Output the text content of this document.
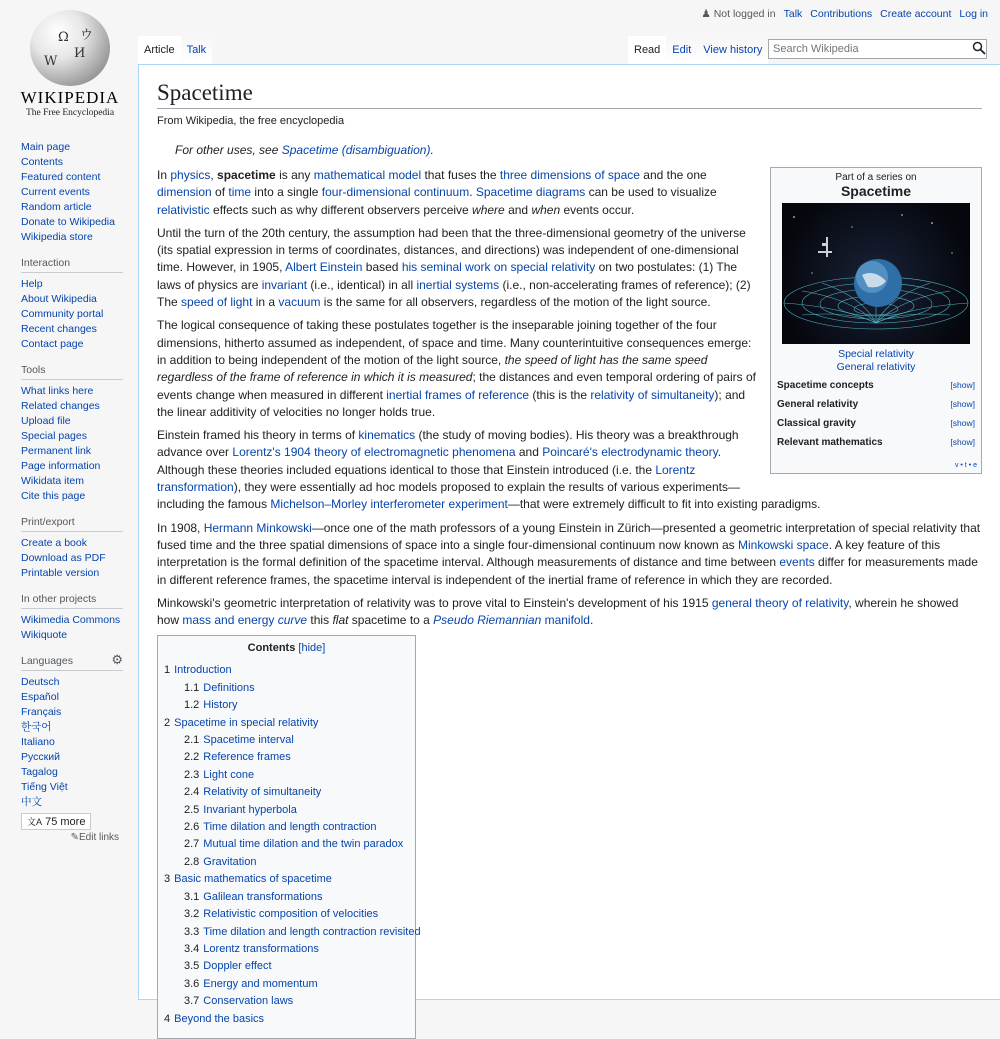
Ω
И
W
ウ
WIKIPEDIA
The Free Encyclopedia
♟ Not logged in Talk Contributions Create account Log in
Article	Talk	Read	Edit	View history
Search Wikipedia
Main page
Contents
Featured content
Current events
Random article
Donate to Wikipedia
Wikipedia store
Interaction
Help
About Wikipedia
Community portal
Recent changes
Contact page
Tools
What links here
Related changes
Upload file
Special pages
Permanent link
Page information
Wikidata item
Cite this page
Print/export
Create a book
Download as PDF
Printable version
In other projects
Wikimedia Commons
Wikiquote
Languages	⚙
Deutsch
Español
Français
한국어
Italiano
Русский
Tagalog
Tiếng Việt
中文
文A 75 more
✎Edit links
Spacetime
From Wikipedia, the free encyclopedia
For other uses, see Spacetime (disambiguation).
Part of a series on
Spacetime
Special relativity
General relativity
Spacetime concepts	[show]
General relativity	[show]
Classical gravity	[show]
Relevant mathematics	[show]
v • t • e

In physics, spacetime is any mathematical model that fuses the three dimensions of space and the one dimension of time into a single four-dimensional continuum. Spacetime diagrams can be used to visualize relativistic effects such as why different observers perceive where and when events occur.

Until the turn of the 20th century, the assumption had been that the three-dimensional geometry of the universe (its spatial expression in terms of coordinates, distances, and directions) was independent of one-dimensional time. However, in 1905, Albert Einstein based his seminal work on special relativity on two postulates: (1) The laws of physics are invariant (i.e., identical) in all inertial systems (i.e., non-accelerating frames of reference); (2) The speed of light in a vacuum is the same for all observers, regardless of the motion of the light source.

The logical consequence of taking these postulates together is the inseparable joining together of the four dimensions, hitherto assumed as independent, of space and time. Many counterintuitive consequences emerge: in addition to being independent of the motion of the light source, the speed of light has the same speed regardless of the frame of reference in which it is measured; the distances and even temporal ordering of pairs of events change when measured in different inertial frames of reference (this is the relativity of simultaneity); and the linear additivity of velocities no longer holds true.

Einstein framed his theory in terms of kinematics (the study of moving bodies). His theory was a breakthrough advance over Lorentz's 1904 theory of electromagnetic phenomena and Poincaré's electrodynamic theory. Although these theories included equations identical to those that Einstein introduced (i.e. the Lorentz transformation), they were essentially ad hoc models proposed to explain the results of various experiments—including the famous Michelson–Morley interferometer experiment—that were extremely difficult to fit into existing paradigms.

In 1908, Hermann Minkowski—once one of the math professors of a young Einstein in Zürich—presented a geometric interpretation of special relativity that fused time and the three spatial dimensions of space into a single four-dimensional continuum now known as Minkowski space. A key feature of this interpretation is the formal definition of the spacetime interval. Although measurements of distance and time between events differ for measurements made in different reference frames, the spacetime interval is independent of the inertial frame of reference in which they are recorded.

Minkowski's geometric interpretation of relativity was to prove vital to Einstein's development of his 1915 general theory of relativity, wherein he showed how mass and energy curve this flat spacetime to a Pseudo Riemannian manifold.

Contents [hide]
1 Introduction
1.1 Definitions
1.2 History
2 Spacetime in special relativity
2.1 Spacetime interval
2.2 Reference frames
2.3 Light cone
2.4 Relativity of simultaneity
2.5 Invariant hyperbola
2.6 Time dilation and length contraction
2.7 Mutual time dilation and the twin paradox
2.8 Gravitation
3 Basic mathematics of spacetime
3.1 Galilean transformations
3.2 Relativistic composition of velocities
3.3 Time dilation and length contraction revisited
3.4 Lorentz transformations
3.5 Doppler effect
3.6 Energy and momentum
3.7 Conservation laws
4 Beyond the basics
